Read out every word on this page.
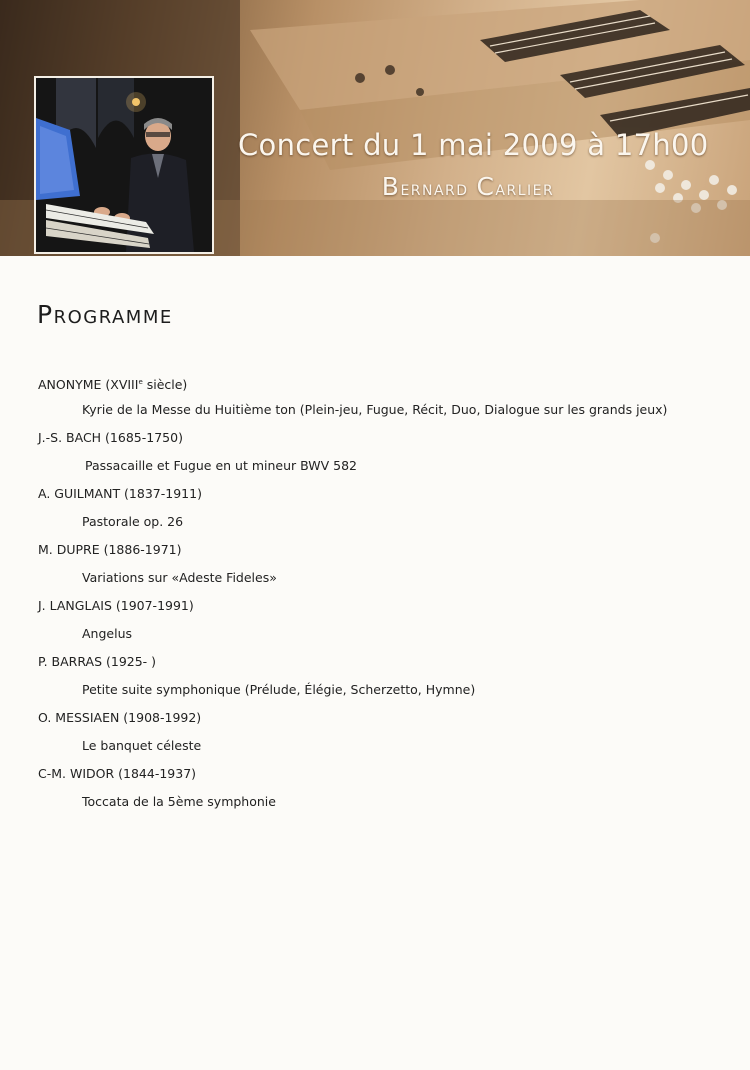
Concert du 1 mai 2009 à 17h00
Bernard Carlier
Programme
ANONYME (XVIIIe siècle)
Kyrie de la Messe du Huitième ton (Plein-jeu, Fugue, Récit, Duo, Dialogue sur les grands jeux)
J.-S. BACH (1685-1750)
Passacaille et Fugue en ut mineur BWV 582
A. GUILMANT (1837-1911)
Pastorale op. 26
M. DUPRE (1886-1971)
Variations sur «Adeste Fideles»
J. LANGLAIS (1907-1991)
Angelus
P. BARRAS (1925- )
Petite suite symphonique (Prélude, Élégie, Scherzetto, Hymne)
O. MESSIAEN (1908-1992)
Le banquet céleste
C-M. WIDOR (1844-1937)
Toccata de la 5ème symphonie
